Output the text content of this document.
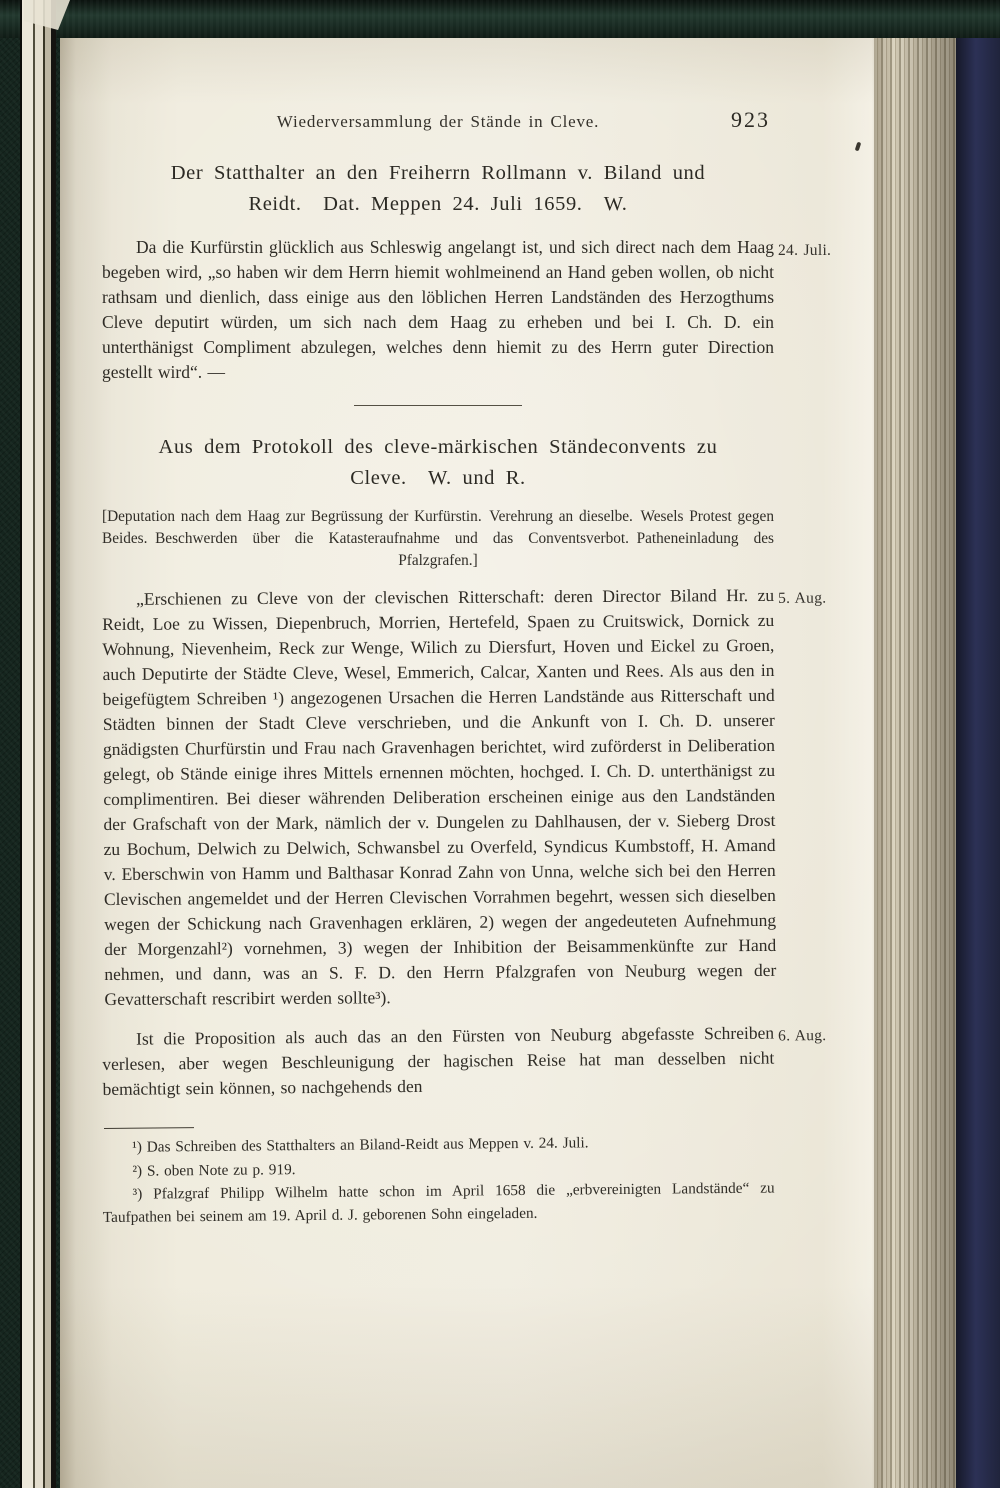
Wiederversammlung der Stände in Cleve.	923
Der Statthalter an den Freiherrn Rollmann v. Biland und
Reidt.  Dat. Meppen 24. Juli 1659.  W.
24. Juli.
Da die Kurfürstin glücklich aus Schleswig angelangt ist, und sich direct nach dem Haag begeben wird, „so haben wir dem Herrn hiemit wohlmeinend an Hand geben wollen, ob nicht rathsam und dienlich, dass einige aus den löblichen Herren Landständen des Herzogthums Cleve deputirt würden, um sich nach dem Haag zu erheben und bei I. Ch. D. ein unterthänigst Compliment abzulegen, welches denn hiemit zu des Herrn guter Direction gestellt wird“. —
Aus dem Protokoll des cleve-märkischen Ständeconvents zu
Cleve.  W. und R.
[Deputation nach dem Haag zur Begrüssung der Kurfürstin. Verehrung an dieselbe. Wesels Protest gegen Beides. Beschwerden über die Katasteraufnahme und das Conventsverbot. Patheneinladung des Pfalzgrafen.]
5. Aug.
„Erschienen zu Cleve von der clevischen Ritterschaft: deren Director Biland Hr. zu Reidt, Loe zu Wissen, Diepenbruch, Morrien, Hertefeld, Spaen zu Cruitswick, Dornick zu Wohnung, Nievenheim, Reck zur Wenge, Wilich zu Diersfurt, Hoven und Eickel zu Groen, auch Deputirte der Städte Cleve, Wesel, Emmerich, Calcar, Xanten und Rees. Als aus den in beigefügtem Schreiben ¹) angezogenen Ursachen die Herren Landstände aus Ritterschaft und Städten binnen der Stadt Cleve verschrieben, und die Ankunft von I. Ch. D. unserer gnädigsten Churfürstin und Frau nach Gravenhagen berichtet, wird zuförderst in Deliberation gelegt, ob Stände einige ihres Mittels ernennen möchten, hochged. I. Ch. D. unterthänigst zu complimentiren. Bei dieser währenden Deliberation erscheinen einige aus den Landständen der Grafschaft von der Mark, nämlich der v. Dungelen zu Dahlhausen, der v. Sieberg Drost zu Bochum, Delwich zu Delwich, Schwansbel zu Overfeld, Syndicus Kumbstoff, H. Amand v. Eberschwin von Hamm und Balthasar Konrad Zahn von Unna, welche sich bei den Herren Clevischen angemeldet und der Herren Clevischen Vorrahmen begehrt, wessen sich dieselben wegen der Schickung nach Gravenhagen erklären, 2) wegen der angedeuteten Aufnehmung der Morgenzahl²) vornehmen, 3) wegen der Inhibition der Beisammenkünfte zur Hand nehmen, und dann, was an S. F. D. den Herrn Pfalzgrafen von Neuburg wegen der Gevatterschaft rescribirt werden sollte³).
6. Aug.
Ist die Proposition als auch das an den Fürsten von Neuburg abgefasste Schreiben verlesen, aber wegen Beschleunigung der hagischen Reise hat man desselben nicht bemächtigt sein können, so nachgehends den
¹) Das Schreiben des Statthalters an Biland-Reidt aus Meppen v. 24. Juli.
²) S. oben Note zu p. 919.
³) Pfalzgraf Philipp Wilhelm hatte schon im April 1658 die „erbvereinigten Landstände“ zu Taufpathen bei seinem am 19. April d. J. geborenen Sohn eingeladen.
